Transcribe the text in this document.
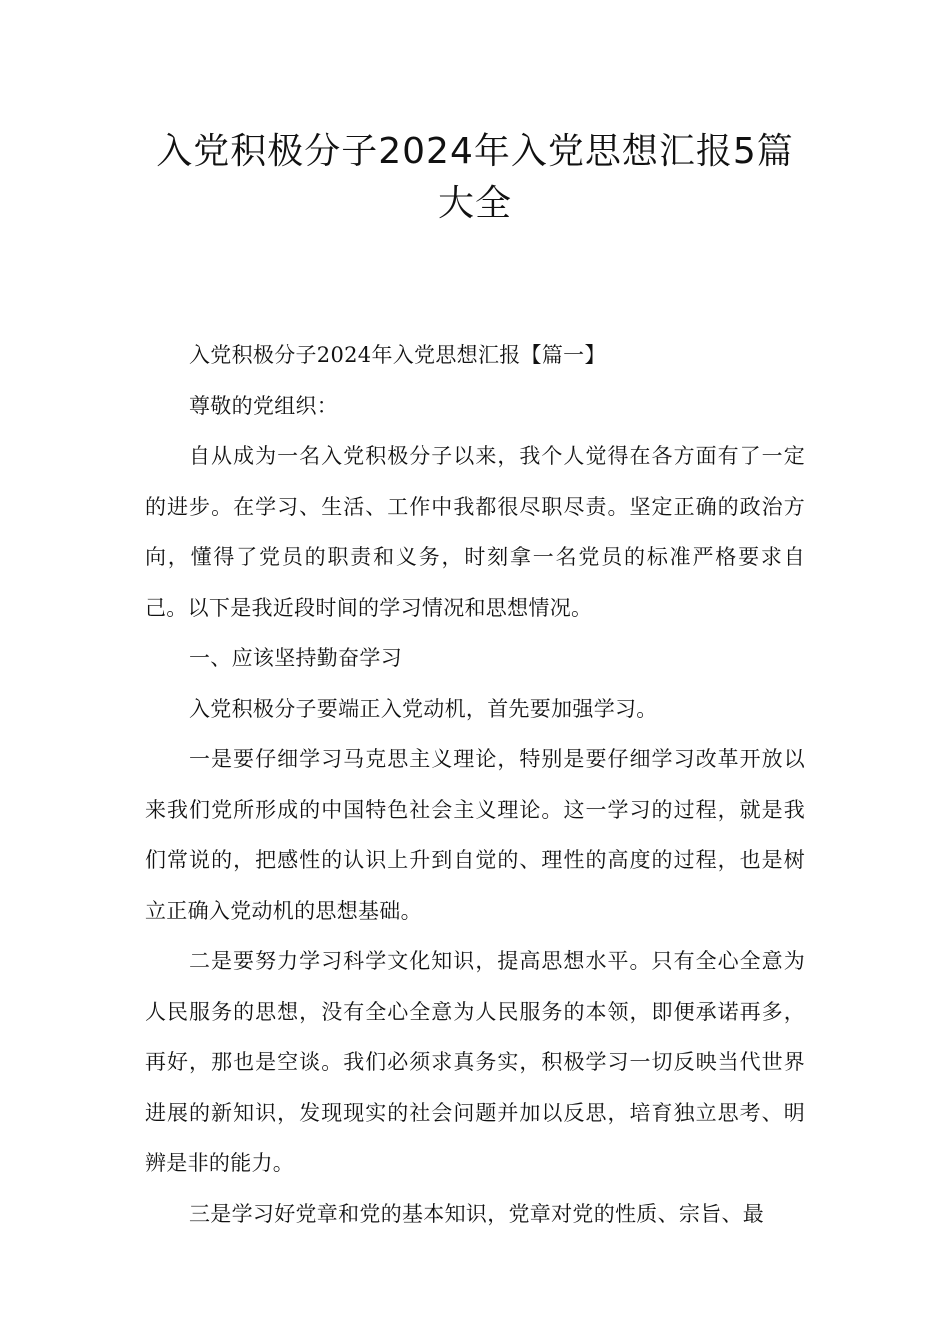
入党积极分子2024年入党思想汇报5篇
大全

入党积极分子2024年入党思想汇报【篇一】

尊敬的党组织：

自从成为一名入党积极分子以来，我个人觉得在各方面有了一定的进步。在学习、生活、工作中我都很尽职尽责。坚定正确的政治方向，懂得了党员的职责和义务，时刻拿一名党员的标准严格要求自己。以下是我近段时间的学习情况和思想情况。

一、应该坚持勤奋学习

入党积极分子要端正入党动机，首先要加强学习。

一是要仔细学习马克思主义理论，特别是要仔细学习改革开放以来我们党所形成的中国特色社会主义理论。这一学习的过程，就是我们常说的，把感性的认识上升到自觉的、理性的高度的过程，也是树立正确入党动机的思想基础。

二是要努力学习科学文化知识，提高思想水平。只有全心全意为人民服务的思想，没有全心全意为人民服务的本领，即便承诺再多，再好，那也是空谈。我们必须求真务实，积极学习一切反映当代世界进展的新知识，发现现实的社会问题并加以反思，培育独立思考、明辨是非的能力。

三是学习好党章和党的基本知识，党章对党的性质、宗旨、最
